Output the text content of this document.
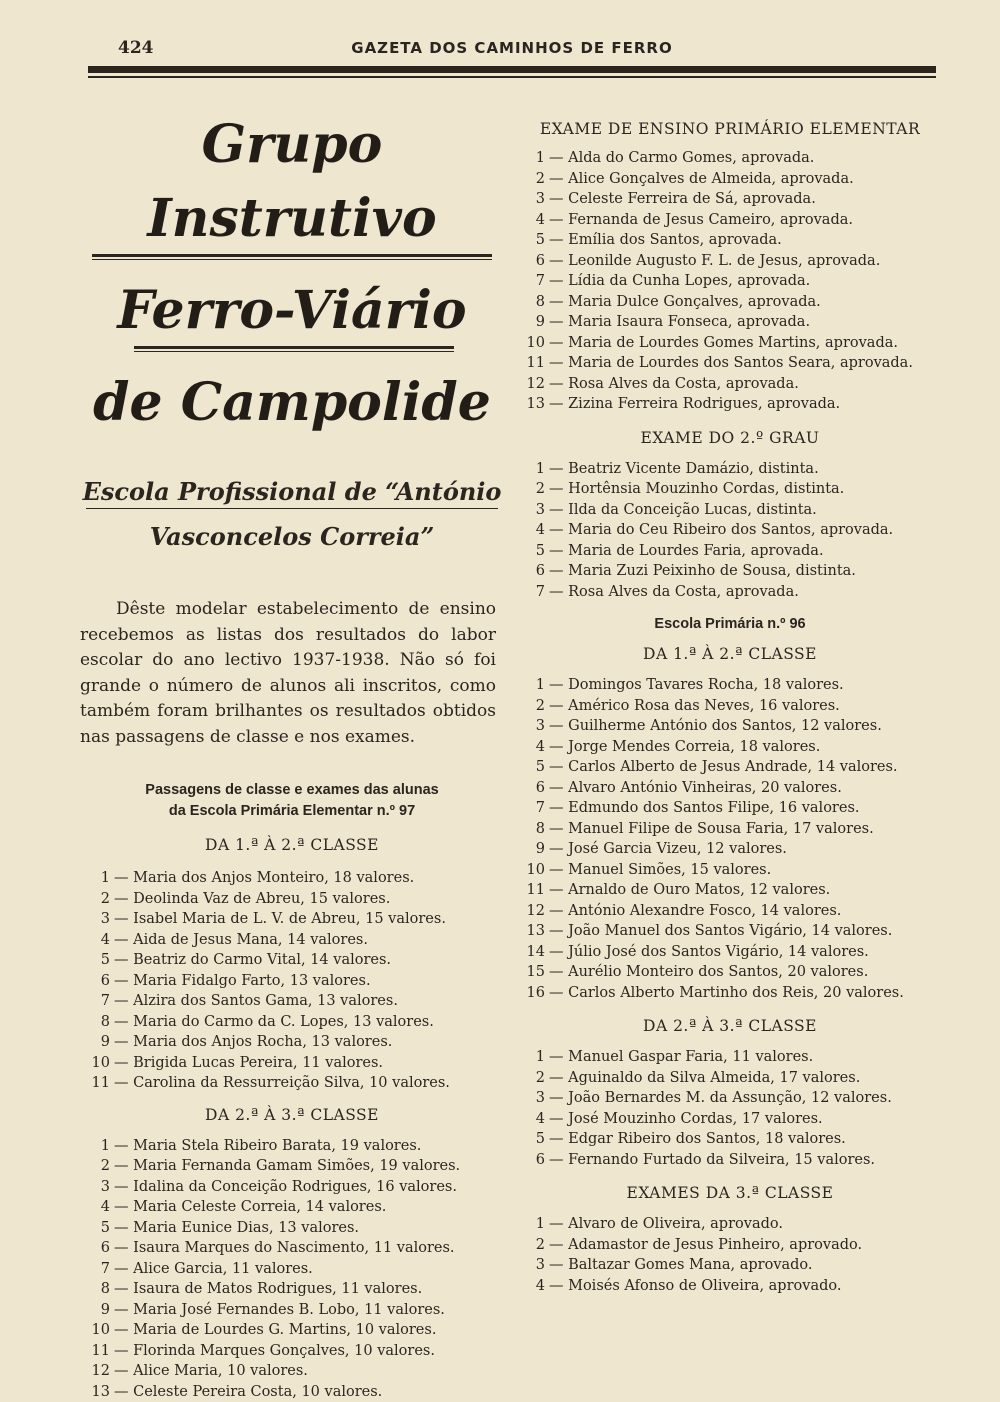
424	GAZETA DOS CAMINHOS DE FERRO
Grupo Instrutivo
Ferro-Viário
de Campolide
Escola Profissional de “António
Vasconcelos Correia”

Dêste modelar estabelecimento de ensino recebemos as listas dos resultados do labor escolar do ano lectivo 1937-1938. Não só foi grande o número de alunos ali inscritos, como também foram brilhantes os resultados obtidos nas passagens de classe e nos exames.

Passagens de classe e exames das alunas
da Escola Primária Elementar n.º 97
DA 1.ª À 2.ª CLASSE
1 — Maria dos Anjos Monteiro, 18 valores.
2 — Deolinda Vaz de Abreu, 15 valores.
3 — Isabel Maria de L. V. de Abreu, 15 valores.
4 — Aida de Jesus Mana, 14 valores.
5 — Beatriz do Carmo Vital, 14 valores.
6 — Maria Fidalgo Farto, 13 valores.
7 — Alzira dos Santos Gama, 13 valores.
8 — Maria do Carmo da C. Lopes, 13 valores.
9 — Maria dos Anjos Rocha, 13 valores.
10 — Brigida Lucas Pereira, 11 valores.
11 — Carolina da Ressurreição Silva, 10 valores.
DA 2.ª À 3.ª CLASSE
1 — Maria Stela Ribeiro Barata, 19 valores.
2 — Maria Fernanda Gamam Simões, 19 valores.
3 — Idalina da Conceição Rodrigues, 16 valores.
4 — Maria Celeste Correia, 14 valores.
5 — Maria Eunice Dias, 13 valores.
6 — Isaura Marques do Nascimento, 11 valores.
7 — Alice Garcia, 11 valores.
8 — Isaura de Matos Rodrigues, 11 valores.
9 — Maria José Fernandes B. Lobo, 11 valores.
10 — Maria de Lourdes G. Martins, 10 valores.
11 — Florinda Marques Gonçalves, 10 valores.
12 — Alice Maria, 10 valores.
13 — Celeste Pereira Costa, 10 valores.
EXAME DE ENSINO PRIMÁRIO ELEMENTAR
1 — Alda do Carmo Gomes, aprovada.
2 — Alice Gonçalves de Almeida, aprovada.
3 — Celeste Ferreira de Sá, aprovada.
4 — Fernanda de Jesus Cameiro, aprovada.
5 — Emília dos Santos, aprovada.
6 — Leonilde Augusto F. L. de Jesus, aprovada.
7 — Lídia da Cunha Lopes, aprovada.
8 — Maria Dulce Gonçalves, aprovada.
9 — Maria Isaura Fonseca, aprovada.
10 — Maria de Lourdes Gomes Martins, aprovada.
11 — Maria de Lourdes dos Santos Seara, aprovada.
12 — Rosa Alves da Costa, aprovada.
13 — Zizina Ferreira Rodrigues, aprovada.
EXAME DO 2.º GRAU
1 — Beatriz Vicente Damázio, distinta.
2 — Hortênsia Mouzinho Cordas, distinta.
3 — Ilda da Conceição Lucas, distinta.
4 — Maria do Ceu Ribeiro dos Santos, aprovada.
5 — Maria de Lourdes Faria, aprovada.
6 — Maria Zuzi Peixinho de Sousa, distinta.
7 — Rosa Alves da Costa, aprovada.
Escola Primária n.º 96
DA 1.ª À 2.ª CLASSE
1 — Domingos Tavares Rocha, 18 valores.
2 — Américo Rosa das Neves, 16 valores.
3 — Guilherme António dos Santos, 12 valores.
4 — Jorge Mendes Correia, 18 valores.
5 — Carlos Alberto de Jesus Andrade, 14 valores.
6 — Alvaro António Vinheiras, 20 valores.
7 — Edmundo dos Santos Filipe, 16 valores.
8 — Manuel Filipe de Sousa Faria, 17 valores.
9 — José Garcia Vizeu, 12 valores.
10 — Manuel Simões, 15 valores.
11 — Arnaldo de Ouro Matos, 12 valores.
12 — António Alexandre Fosco, 14 valores.
13 — João Manuel dos Santos Vigário, 14 valores.
14 — Júlio José dos Santos Vigário, 14 valores.
15 — Aurélio Monteiro dos Santos, 20 valores.
16 — Carlos Alberto Martinho dos Reis, 20 valores.
DA 2.ª À 3.ª CLASSE
1 — Manuel Gaspar Faria, 11 valores.
2 — Aguinaldo da Silva Almeida, 17 valores.
3 — João Bernardes M. da Assunção, 12 valores.
4 — José Mouzinho Cordas, 17 valores.
5 — Edgar Ribeiro dos Santos, 18 valores.
6 — Fernando Furtado da Silveira, 15 valores.
EXAMES DA 3.ª CLASSE
1 — Alvaro de Oliveira, aprovado.
2 — Adamastor de Jesus Pinheiro, aprovado.
3 — Baltazar Gomes Mana, aprovado.
4 — Moisés Afonso de Oliveira, aprovado.
